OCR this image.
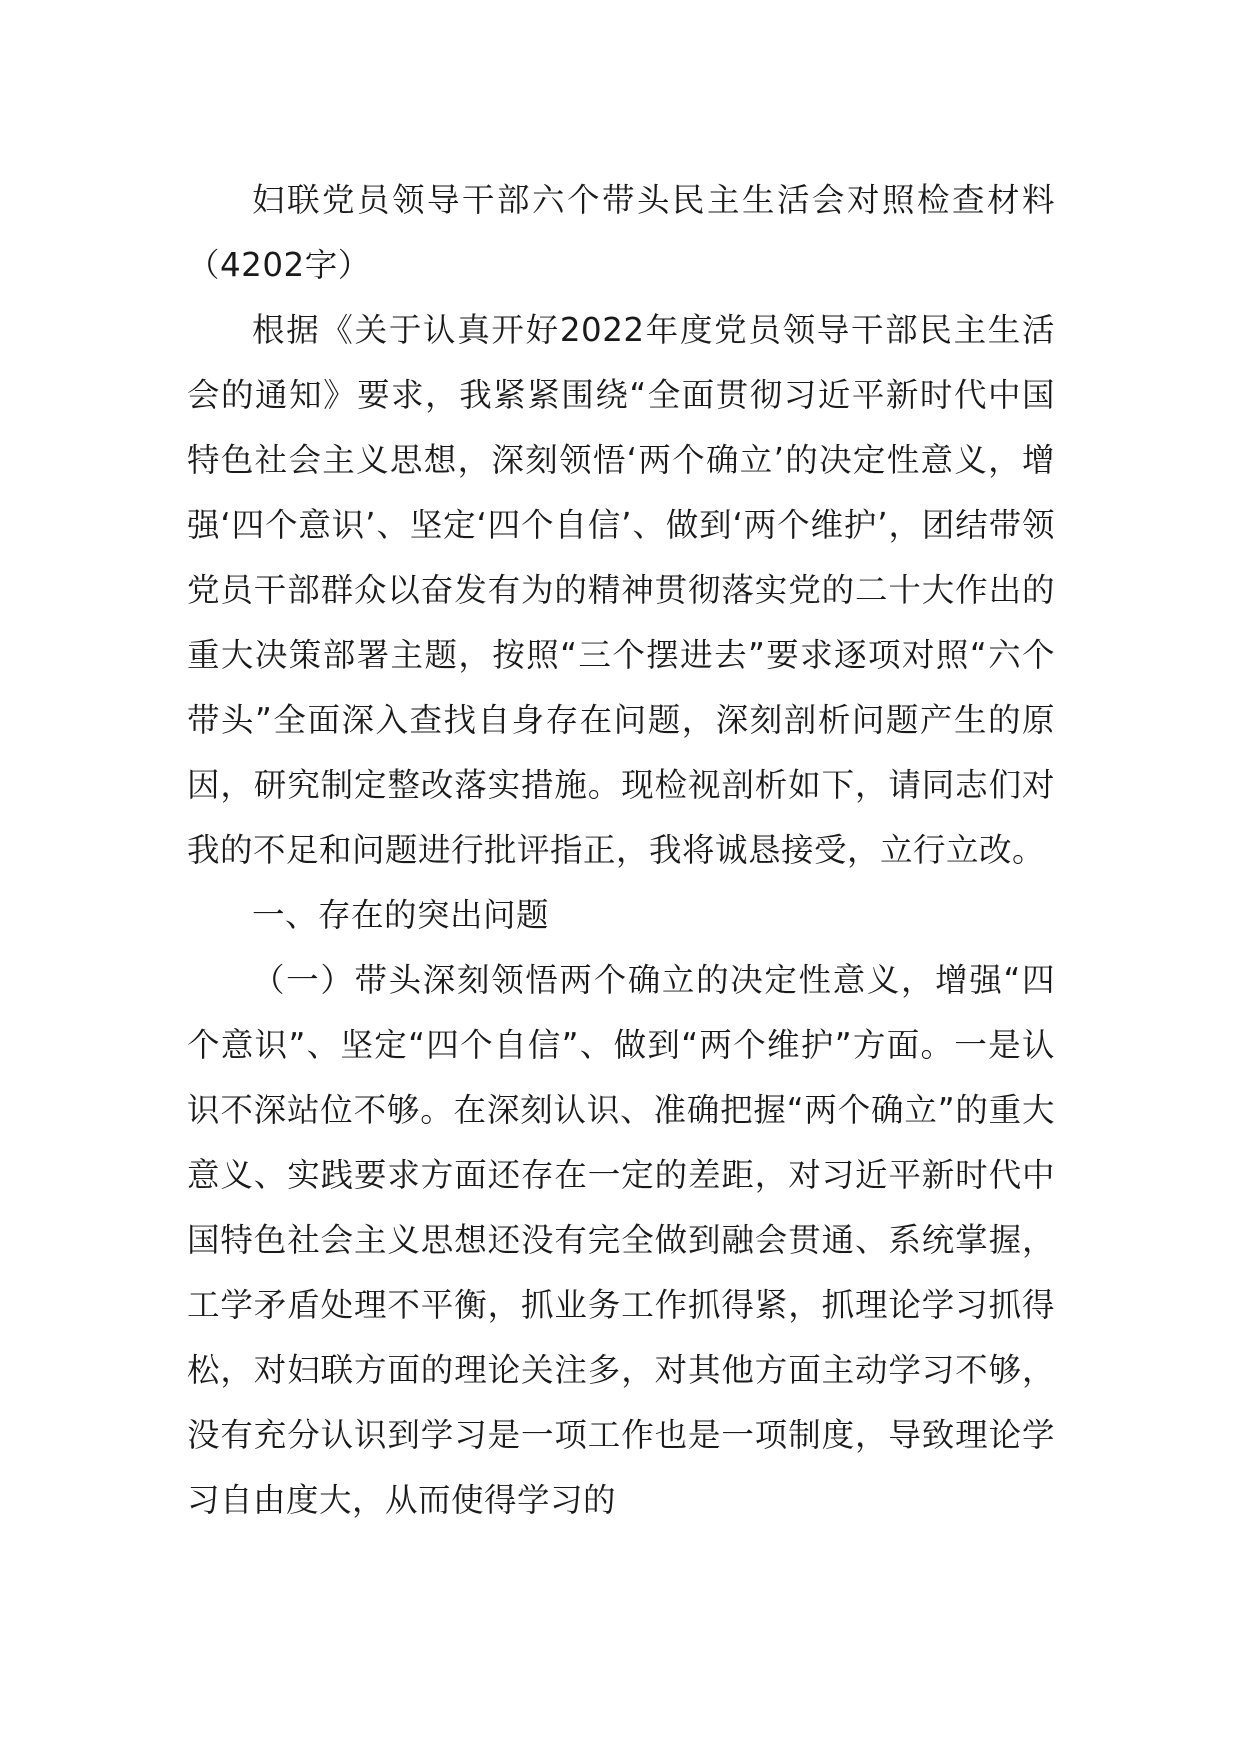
妇联党员领导干部六个带头民主生活会对照检查材料（4202字）

根据《关于认真开好2022年度党员领导干部民主生活会的通知》要求，我紧紧围绕“全面贯彻习近平新时代中国特色社会主义思想，深刻领悟‘两个确立’的决定性意义，增强‘四个意识’、坚定‘四个自信’、做到‘两个维护’，团结带领党员干部群众以奋发有为的精神贯彻落实党的二十大作出的重大决策部署主题，按照“三个摆进去”要求逐项对照“六个带头”全面深入查找自身存在问题，深刻剖析问题产生的原因，研究制定整改落实措施。现检视剖析如下，请同志们对我的不足和问题进行批评指正，我将诚恳接受，立行立改。

一、存在的突出问题

（一）带头深刻领悟两个确立的决定性意义，增强“四个意识”、坚定“四个自信”、做到“两个维护”方面。一是认识不深站位不够。在深刻认识、准确把握“两个确立”的重大意义、实践要求方面还存在一定的差距，对习近平新时代中国特色社会主义思想还没有完全做到融会贯通、系统掌握，工学矛盾处理不平衡，抓业务工作抓得紧，抓理论学习抓得松，对妇联方面的理论关注多，对其他方面主动学习不够，没有充分认识到学习是一项工作也是一项制度，导致理论学习自由度大，从而使得学习的
